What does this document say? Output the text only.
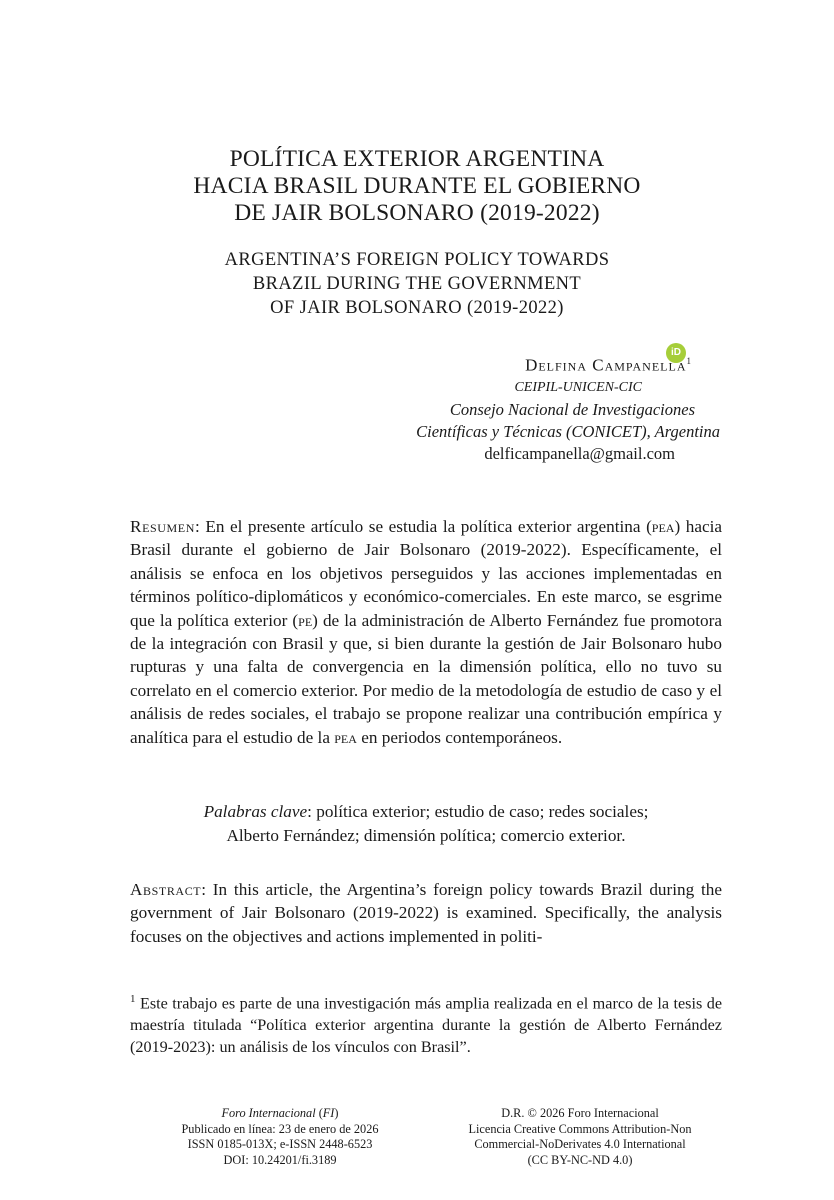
POLÍTICA EXTERIOR ARGENTINA
HACIA BRASIL DURANTE EL GOBIERNO
DE JAIR BOLSONARO (2019-2022)
ARGENTINA’S FOREIGN POLICY TOWARDS
BRAZIL DURING THE GOVERNMENT
OF JAIR BOLSONARO (2019-2022)
iD
Delfina Campanella$^1$
CEIPIL-UNICEN-CIC
Consejo Nacional de Investigaciones
Científicas y Técnicas (CONICET), Argentina
delficampanella@gmail.com

Resumen: En el presente artículo se estudia la política exterior argentina (pea) hacia Brasil durante el gobierno de Jair Bolsonaro (2019-2022). Específicamente, el análisis se enfoca en los objetivos perseguidos y las acciones implementadas en términos político-diplomáticos y económico-comerciales. En este marco, se esgrime que la política exterior (pe) de la administración de Alberto Fernández fue promotora de la integración con Brasil y que, si bien durante la gestión de Jair Bolsonaro hubo rupturas y una falta de convergencia en la dimensión política, ello no tuvo su correlato en el comercio exterior. Por medio de la metodología de estudio de caso y el análisis de redes sociales, el trabajo se propone realizar una contribución empírica y analítica para el estudio de la pea en periodos contemporáneos.

Palabras clave: política exterior; estudio de caso; redes sociales;
Alberto Fernández; dimensión política; comercio exterior.

Abstract: In this article, the Argentina’s foreign policy towards Brazil during the government of Jair Bolsonaro (2019-2022) is examined. Specifically, the analysis focuses on the objectives and actions implemented in politi-

$^1$ Este trabajo es parte de una investigación más amplia realizada en el marco de la tesis de maestría titulada “Política exterior argentina durante la gestión de Alberto Fernández (2019-2023): un análisis de los vínculos con Brasil”.

Foro Internacional (FI)
Publicado en línea: 23 de enero de 2026
ISSN 0185-013X; e-ISSN 2448-6523
DOI: 10.24201/fi.3189
D.R. © 2026 Foro Internacional
Licencia Creative Commons Attribution-Non
Commercial-NoDerivates 4.0 International
(CC BY-NC-ND 4.0)
